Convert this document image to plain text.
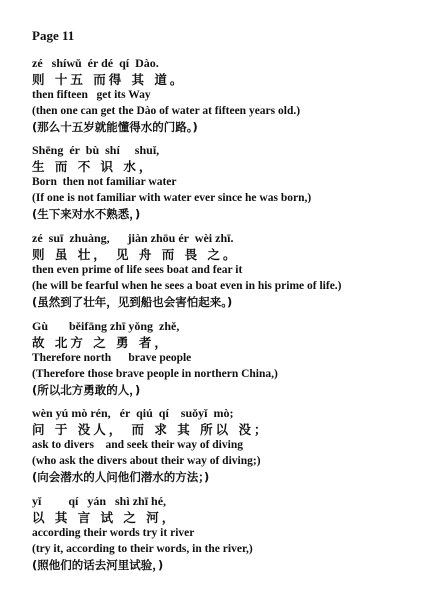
Page 11
zé   shíwǔ  ér dé  qí  Dào.
则 十五 而得 其 道。
then fifteen   get its Way
(then one can get the Dào of water at fifteen years old.)
(那么十五岁就能懂得水的门路。)
Shēng  ér  bù  shí     shuǐ,
生 而 不 识 水，
Born  then not familiar water
(If one is not familiar with water ever since he was born,)
(生下来对水不熟悉，)
zé  suī  zhuàng,      jiàn zhōu ér  wèi zhī.
则 虽 壮， 见 舟 而 畏 之。
then even prime of life sees boat and fear it
(he will be fearful when he sees a boat even in his prime of life.)
(虽然到了壮年，见到船也会害怕起来。)
Gù       běifāng zhī yǒng  zhě,
故 北方 之 勇 者，
Therefore north      brave people
(Therefore those brave people in northern China,)
(所以北方勇敢的人，)
wèn yú mò rén,   ér  qiú  qí    suǒyǐ  mò;
问 于 没人， 而 求 其 所以 没；
ask to divers    and seek their way of diving
(who ask the divers about their way of diving;)
(向会潜水的人问他们潜水的方法；)
yǐ         qí   yán   shì zhī hé,
以 其 言 试 之 河，
according their words try it river
(try it, according to their words, in the river,)
(照他们的话去河里试验，)
